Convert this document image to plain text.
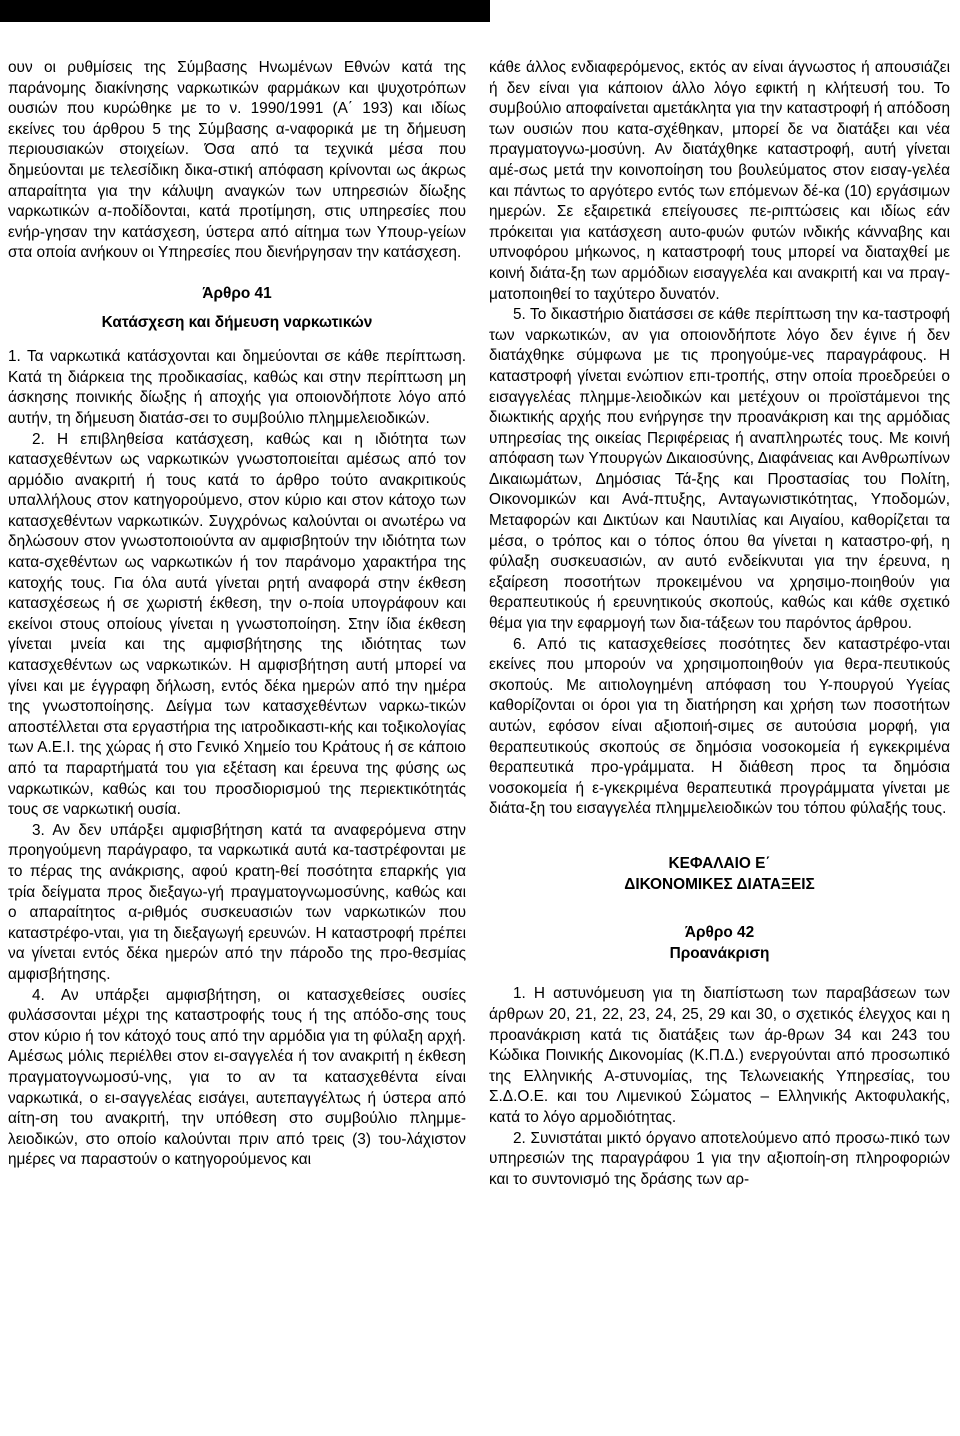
13

ουν οι ρυθμίσεις της Σύμβασης Ηνωμένων Εθνών κατά της παράνομης διακίνησης ναρκωτικών φαρμάκων και ψυχοτρόπων ουσιών που κυρώθηκε με το ν. 1990/1991 (Α΄ 193) και ιδίως εκείνες του άρθρου 5 της Σύμβασης α-ναφορικά με τη δήμευση περιουσιακών στοιχείων. Όσα από τα τεχνικά μέσα που δημεύονται με τελεσίδικη δικα-στική απόφαση κρίνονται ως άκρως απαραίτητα για την κάλυψη αναγκών των υπηρεσιών δίωξης ναρκωτικών α-ποδίδονται, κατά προτίμηση, στις υπηρεσίες που ενήρ-γησαν την κατάσχεση, ύστερα από αίτημα των Υπουρ-γείων στα οποία ανήκουν οι Υπηρεσίες που διενήργησαν την κατάσχεση.

Άρθρο 41

Κατάσχεση και δήμευση ναρκωτικών

1. Τα ναρκωτικά κατάσχονται και δημεύονται σε κάθε περίπτωση. Κατά τη διάρκεια της προδικασίας, καθώς και στην περίπτωση μη άσκησης ποινικής δίωξης ή αποχής για οποιονδήποτε λόγο από αυτήν, τη δήμευση διατάσ-σει το συμβούλιο πλημμελειοδικών.

2. Η επιβληθείσα κατάσχεση, καθώς και η ιδιότητα των κατασχεθέντων ως ναρκωτικών γνωστοποιείται αμέσως από τον αρμόδιο ανακριτή ή τους κατά το άρθρο τούτο ανακριτικούς υπαλλήλους στον κατηγορούμενο, στον κύριο και στον κάτοχο των κατασχεθέντων ναρκωτικών. Συγχρόνως καλούνται οι ανωτέρω να δηλώσουν στον γνωστοποιούντα αν αμφισβητούν την ιδιότητα των κατα-σχεθέντων ως ναρκωτικών ή τον παράνομο χαρακτήρα της κατοχής τους. Για όλα αυτά γίνεται ρητή αναφορά στην έκθεση κατασχέσεως ή σε χωριστή έκθεση, την ο-ποία υπογράφουν και εκείνοι στους οποίους γίνεται η γνωστοποίηση. Στην ίδια έκθεση γίνεται μνεία και της αμφισβήτησης της ιδιότητας των κατασχεθέντων ως ναρκωτικών. Η αμφισβήτηση αυτή μπορεί να γίνει και με έγγραφη δήλωση, εντός δέκα ημερών από την ημέρα της γνωστοποίησης. Δείγμα των κατασχεθέντων ναρκω-τικών αποστέλλεται στα εργαστήρια της ιατροδικαστι-κής και τοξικολογίας των Α.Ε.Ι. της χώρας ή στο Γενικό Χημείο του Κράτους ή σε κάποιο από τα παραρτήματά του για εξέταση και έρευνα της φύσης ως ναρκωτικών, καθώς και του προσδιορισμού της περιεκτικότητάς τους σε ναρκωτική ουσία.

3. Αν δεν υπάρξει αμφισβήτηση κατά τα αναφερόμενα στην προηγούμενη παράγραφο, τα ναρκωτικά αυτά κα-ταστρέφονται με το πέρας της ανάκρισης, αφού κρατη-θεί ποσότητα επαρκής για τρία δείγματα προς διεξαγω-γή πραγματογνωμοσύνης, καθώς και ο απαραίτητος α-ριθμός συσκευασιών των ναρκωτικών που καταστρέφο-νται, για τη διεξαγωγή ερευνών. Η καταστροφή πρέπει να γίνεται εντός δέκα ημερών από την πάροδο της προ-θεσμίας αμφισβήτησης.

4. Αν υπάρξει αμφισβήτηση, οι κατασχεθείσες ουσίες φυλάσσονται μέχρι της καταστροφής τους ή της απόδο-σης τους στον κύριο ή τον κάτοχό τους από την αρμόδια για τη φύλαξη αρχή. Αμέσως μόλις περιέλθει στον ει-σαγγελέα ή τον ανακριτή η έκθεση πραγματογνωμοσύ-νης, για το αν τα κατασχεθέντα είναι ναρκωτικά, ο ει-σαγγελέας εισάγει, αυτεπαγγέλτως ή ύστερα από αίτη-ση του ανακριτή, την υπόθεση στο συμβούλιο πλημμε-λειοδικών, στο οποίο καλούνται πριν από τρεις (3) του-λάχιστον ημέρες να παραστούν ο κατηγορούμενος και

κάθε άλλος ενδιαφερόμενος, εκτός αν είναι άγνωστος ή απουσιάζει ή δεν είναι για κάποιον άλλο λόγο εφικτή η κλήτευσή του. Το συμβούλιο αποφαίνεται αμετάκλητα για την καταστροφή ή απόδοση των ουσιών που κατα-σχέθηκαν, μπορεί δε να διατάξει και νέα πραγματογνω-μοσύνη. Αν διατάχθηκε καταστροφή, αυτή γίνεται αμέ-σως μετά την κοινοποίηση του βουλεύματος στον εισαγ-γελέα και πάντως το αργότερο εντός των επόμενων δέ-κα (10) εργάσιμων ημερών. Σε εξαιρετικά επείγουσες πε-ριπτώσεις και ιδίως εάν πρόκειται για κατάσχεση αυτο-φυών φυτών ινδικής κάνναβης και υπνοφόρου μήκωνος, η καταστροφή τους μπορεί να διαταχθεί με κοινή διάτα-ξη των αρμόδιων εισαγγελέα και ανακριτή και να πραγ-ματοποιηθεί το ταχύτερο δυνατόν.

5. Το δικαστήριο διατάσσει σε κάθε περίπτωση την κα-ταστροφή των ναρκωτικών, αν για οποιονδήποτε λόγο δεν έγινε ή δεν διατάχθηκε σύμφωνα με τις προηγούμε-νες παραγράφους. Η καταστροφή γίνεται ενώπιον επι-τροπής, στην οποία προεδρεύει ο εισαγγελέας πλημμε-λειοδικών και μετέχουν οι προϊστάμενοι της διωκτικής αρχής που ενήργησε την προανάκριση και της αρμόδιας υπηρεσίας της οικείας Περιφέρειας ή αναπληρωτές τους. Με κοινή απόφαση των Υπουργών Δικαιοσύνης, Διαφάνειας και Ανθρωπίνων Δικαιωμάτων, Δημόσιας Τά-ξης και Προστασίας του Πολίτη, Οικονομικών και Ανά-πτυξης, Ανταγωνιστικότητας, Υποδομών, Μεταφορών και Δικτύων και Ναυτιλίας και Αιγαίου, καθορίζεται τα μέσα, ο τρόπος και ο τόπος όπου θα γίνεται η καταστρο-φή, η φύλαξη συσκευασιών, αν αυτό ενδείκνυται για την έρευνα, η εξαίρεση ποσοτήτων προκειμένου να χρησιμο-ποιηθούν για θεραπευτικούς ή ερευνητικούς σκοπούς, καθώς και κάθε σχετικό θέμα για την εφαρμογή των δια-τάξεων του παρόντος άρθρου.

6. Από τις κατασχεθείσες ποσότητες δεν καταστρέφο-νται εκείνες που μπορούν να χρησιμοποιηθούν για θερα-πευτικούς σκοπούς. Με αιτιολογημένη απόφαση του Υ-πουργού Υγείας καθορίζονται οι όροι για τη διατήρηση και χρήση των ποσοτήτων αυτών, εφόσον είναι αξιοποιή-σιμες σε αυτούσια μορφή, για θεραπευτικούς σκοπούς σε δημόσια νοσοκομεία ή εγκεκριμένα θεραπευτικά προ-γράμματα. Η διάθεση προς τα δημόσια νοσοκομεία ή ε-γκεκριμένα θεραπευτικά προγράμματα γίνεται με διάτα-ξη του εισαγγελέα πλημμελειοδικών του τόπου φύλαξής τους.

ΚΕΦΑΛΑΙΟ Ε΄

ΔΙΚΟΝΟΜΙΚΕΣ ΔΙΑΤΑΞΕΙΣ

Άρθρο 42

Προανάκριση

1. Η αστυνόμευση για τη διαπίστωση των παραβάσεων των άρθρων 20, 21, 22, 23, 24, 25, 29 και 30, ο σχετικός έλεγχος και η προανάκριση κατά τις διατάξεις των άρ-θρων 34 και 243 του Κώδικα Ποινικής Δικονομίας (Κ.Π.Δ.) ενεργούνται από προσωπικό της Ελληνικής Α-στυνομίας, της Τελωνειακής Υπηρεσίας, του Σ.Δ.Ο.Ε. και του Λιμενικού Σώματος – Ελληνικής Ακτοφυλακής, κατά το λόγο αρμοδιότητας.

2. Συνιστάται μικτό όργανο αποτελούμενο από προσω-πικό των υπηρεσιών της παραγράφου 1 για την αξιοποίη-ση πληροφοριών και το συντονισμό της δράσης των αρ-
